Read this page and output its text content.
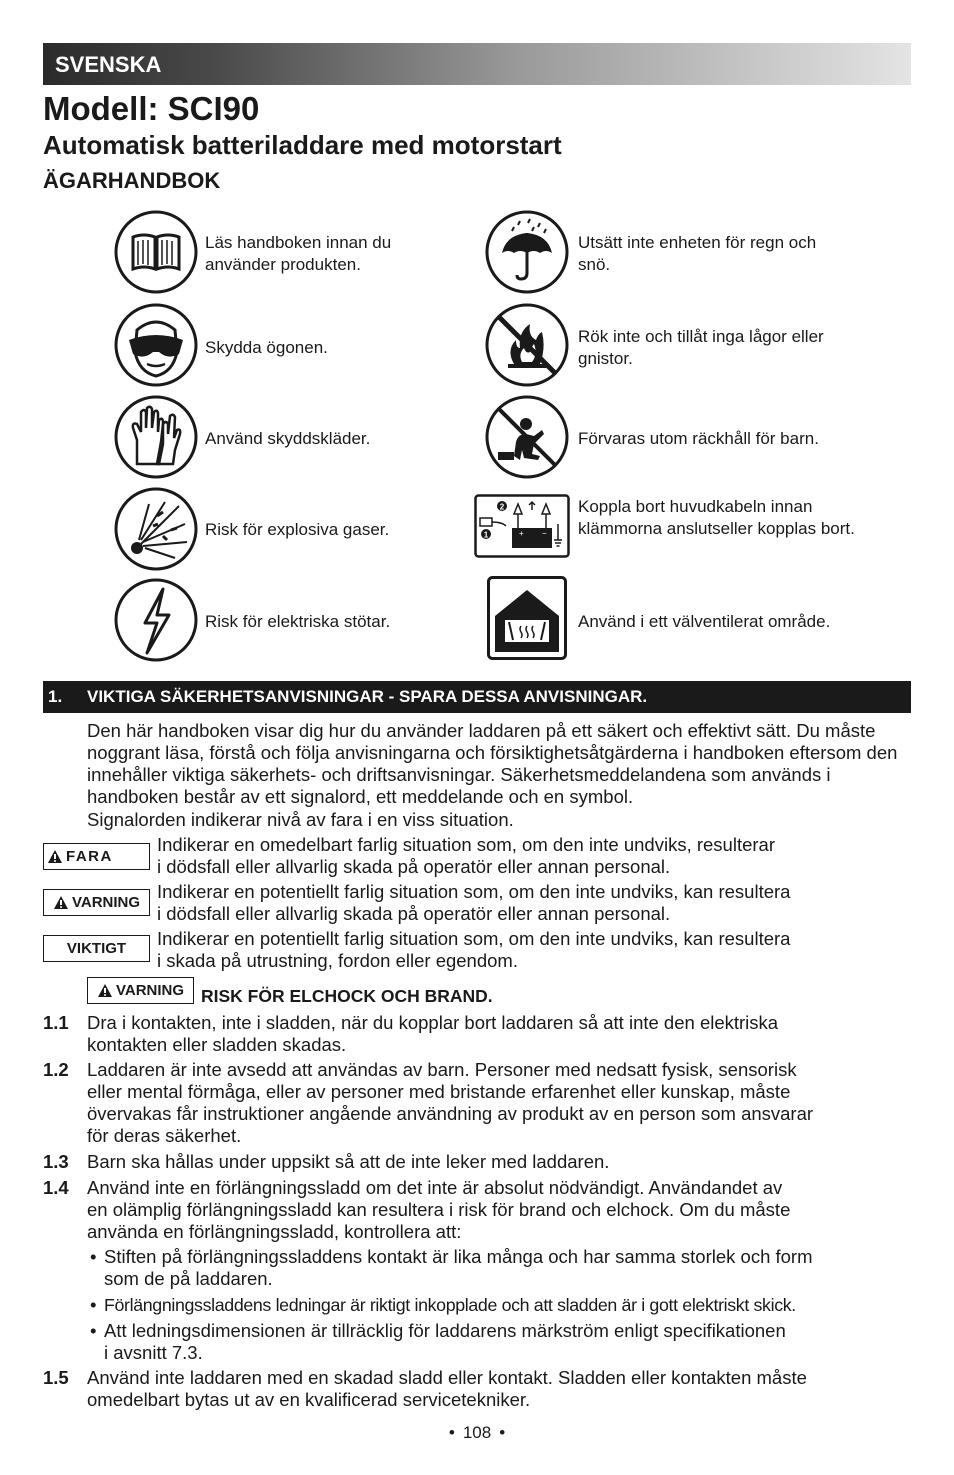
SVENSKA
Modell: SCI90
Automatisk batteriladdare med motorstart
ÄGARHANDBOK
Läs handboken innan du använder produkten.
Skydda ögonen.
Använd skyddskläder.
Risk för explosiva gaser.
Risk för elektriska stötar.
Utsätt inte enheten för regn och snö.
Rök inte och tillåt inga lågor eller gnistor.
Förvaras utom räckhåll för barn.
2
1	+ −
Koppla bort huvudkabeln innan klämmorna anslutseller kopplas bort.
Använd i ett välventilerat område.
1. VIKTIGA SÄKERHETSANVISNINGAR - SPARA DESSA ANVISNINGAR.
Den här handboken visar dig hur du använder laddaren på ett säkert och effektivt sätt. Du måste noggrant läsa, förstå och följa anvisningarna och försiktighetsåtgärderna i handboken eftersom den innehåller viktiga säkerhets- och driftsanvisningar. Säkerhetsmeddelandena som används i handboken består av ett signalord, ett meddelande och en symbol.
Signalorden indikerar nivå av fara i en viss situation.
FARA
Indikerar en omedelbart farlig situation som, om den inte undviks, resulterar
i dödsfall eller allvarlig skada på operatör eller annan personal.
VARNING
Indikerar en potentiellt farlig situation som, om den inte undviks, kan resultera
i dödsfall eller allvarlig skada på operatör eller annan personal.
VIKTIGT Indikerar en potentiellt farlig situation som, om den inte undviks, kan resultera
i skada på utrustning, fordon eller egendom.
VARNING RISK FÖR ELCHOCK OCH BRAND.
1.1 Dra i kontakten, inte i sladden, när du kopplar bort laddaren så att inte den elektriska
kontakten eller sladden skadas.
1.2 Laddaren är inte avsedd att användas av barn. Personer med nedsatt fysisk, sensorisk
eller mental förmåga, eller av personer med bristande erfarenhet eller kunskap, måste
övervakas får instruktioner angående användning av produkt av en person som ansvarar
för deras säkerhet.
1.3 Barn ska hållas under uppsikt så att de inte leker med laddaren.
1.4 Använd inte en förlängningssladd om det inte är absolut nödvändigt. Användandet av
en olämplig förlängningssladd kan resultera i risk för brand och elchock. Om du måste
använda en förlängningssladd, kontrollera att:
• Stiften på förlängningssladdens kontakt är lika många och har samma storlek och form
som de på laddaren.
• Förlängningssladdens ledningar är riktigt inkopplade och att sladden är i gott elektriskt skick.
• Att ledningsdimensionen är tillräcklig för laddarens märkström enligt specifikationen
i avsnitt 7.3.
1.5 Använd inte laddaren med en skadad sladd eller kontakt. Sladden eller kontakten måste
omedelbart bytas ut av en kvalificerad servicetekniker.
• 108 •
